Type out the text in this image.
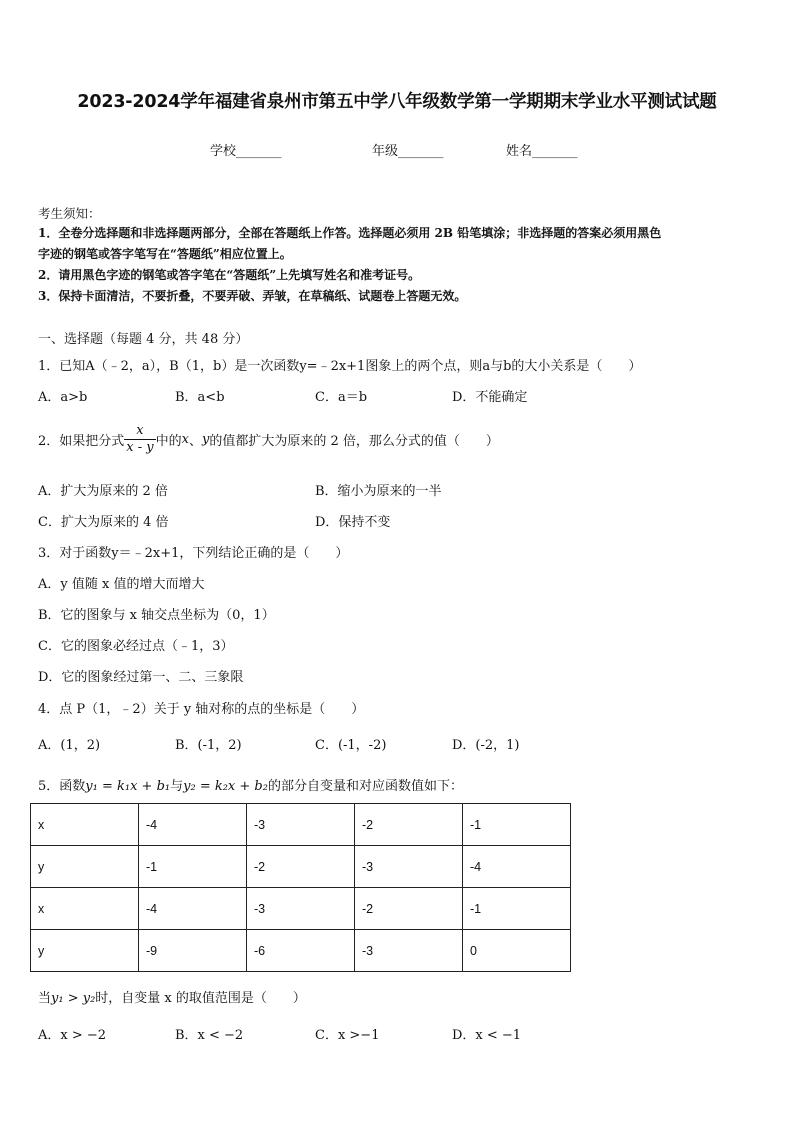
2023-2024学年福建省泉州市第五中学八年级数学第一学期期末学业水平测试试题
学校_______	年级_______	姓名_______
考生须知：
1．全卷分选择题和非选择题两部分，全部在答题纸上作答。选择题必须用 2B 铅笔填涂；非选择题的答案必须用黑色
字迹的钢笔或答字笔写在“答题纸”相应位置上。
2．请用黑色字迹的钢笔或答字笔在“答题纸”上先填写姓名和准考证号。
3．保持卡面清洁，不要折叠，不要弄破、弄皱，在草稿纸、试题卷上答题无效。
一、选择题（每题 4 分，共 48 分）
1．已知A（﹣2，a），B（1，b）是一次函数y=﹣2x+1图象上的两个点，则a与b的大小关系是（　　）
A．a>b	B．a<b	C．a＝b	D．不能确定
2．如果把分式 $\frac{x}{x - y}$ 中的x、y的值都扩大为原来的 2 倍，那么分式的值（　　）
A．扩大为原来的 2 倍	B．缩小为原来的一半
C．扩大为原来的 4 倍	D．保持不变
3．对于函数y＝﹣2x+1，下列结论正确的是（　　）
A．y 值随 x 值的增大而增大
B．它的图象与 x 轴交点坐标为（0，1）
C．它的图象必经过点（﹣1，3）
D．它的图象经过第一、二、三象限
4．点 P（1，﹣2）关于 y 轴对称的点的坐标是（　　）
A．(1，2)	B．(-1，2)	C．(-1，-2)	D．(-2，1)
5．函数y₁ = k₁x + b₁与y₂ = k₂x + b₂的部分自变量和对应函数值如下：
x	-4	-3	-2	-1
y	-1	-2	-3	-4
x	-4	-3	-2	-1
y	-9	-6	-3	0
当y₁ > y₂时，自变量 x 的取值范围是（　　）
A．x > −2	B．x < −2	C．x >−1	D．x < −1
